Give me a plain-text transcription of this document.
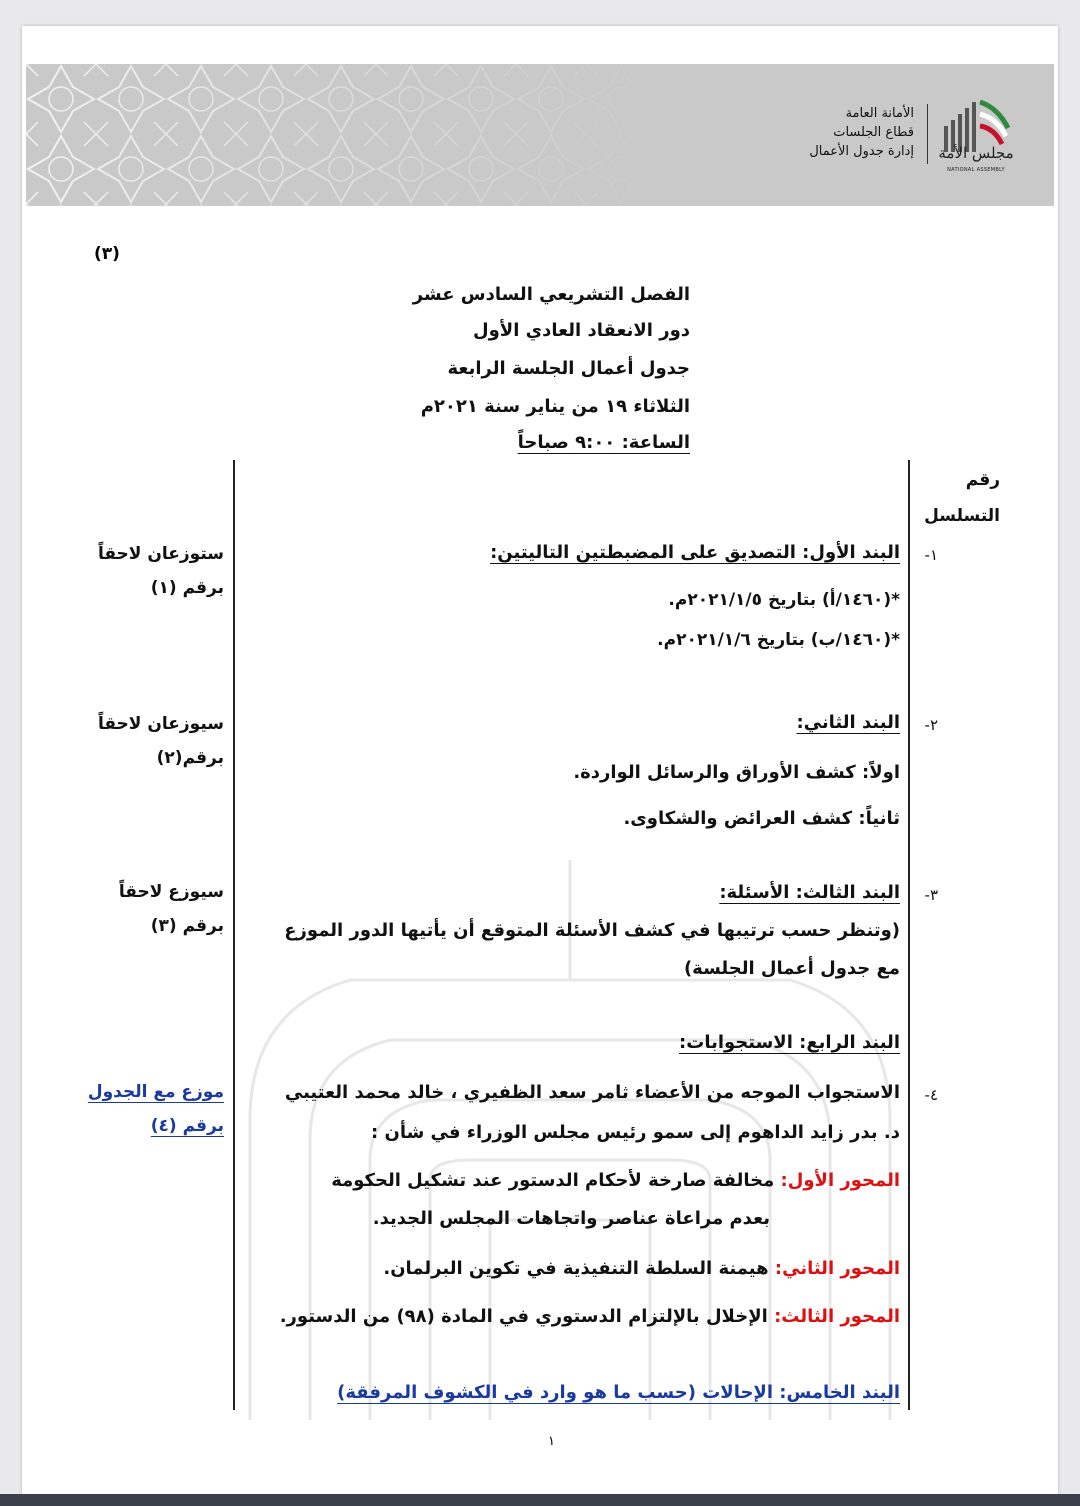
الأمانة العامة
قطاع الجلسات
إدارة جدول الأعمال مجلس الأمة
NATIONAL ASSEMBLY
(٣)
الفصل التشريعي السادس عشر
دور الانعقاد العادي الأول
جدول أعمال الجلسة الرابعة
الثلاثاء ١٩ من يناير سنة ٢٠٢١م
الساعة: ٩:٠٠ صباحاً
رقم
التسلسل
١-
البند الأول: التصديق على المضبطتين التاليتين:
*(١٤٦٠/أ) بتاريخ ٢٠٢١/١/٥م.
*(١٤٦٠/ب) بتاريخ ٢٠٢١/١/٦م.
ستوزعان لاحقاً
برقم (١)
٢-
البند الثاني:
اولاً: كشف الأوراق والرسائل الواردة.
ثانياً: كشف العرائض والشكاوى.
سيوزعان لاحقاً
برقم(٢)
٣-
البند الثالث: الأسئلة:
(وتنظر حسب ترتيبها في كشف الأسئلة المتوقع أن يأتيها الدور الموزع
مع جدول أعمال الجلسة)
سيوزع لاحقاً
برقم (٣)
البند الرابع: الاستجوابات:
٤-
الاستجواب الموجه من الأعضاء ثامر سعد الظفيري ، خالد محمد العتيبي
د. بدر زايد الداهوم إلى سمو رئيس مجلس الوزراء في شأن :
المحور الأول: مخالفة صارخة لأحكام الدستور عند تشكيل الحكومة
بعدم مراعاة عناصر واتجاهات المجلس الجديد.
المحور الثاني: هيمنة السلطة التنفيذية في تكوين البرلمان.
المحور الثالث: الإخلال بالإلتزام الدستوري في المادة (٩٨) من الدستور.
موزع مع الجدول
برقم (٤)
البند الخامس: الإحالات (حسب ما هو وارد في الكشوف المرفقة)
١
